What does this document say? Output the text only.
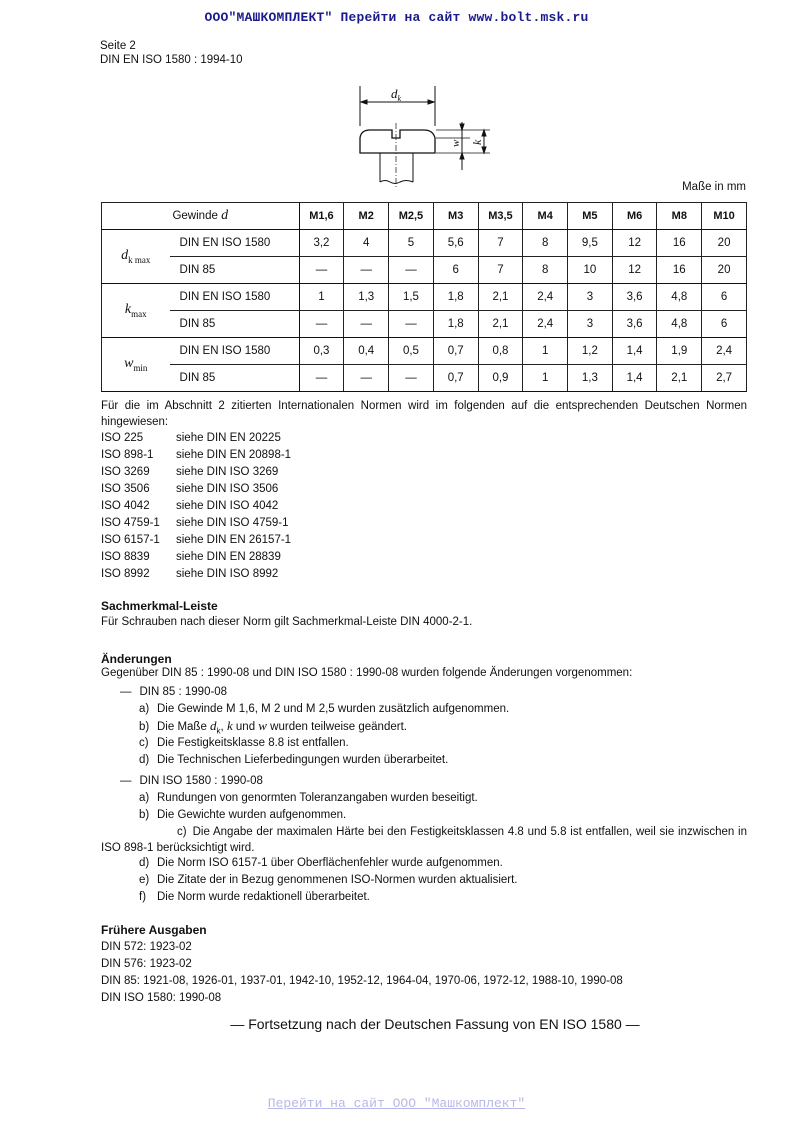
ООО"МАШКОМПЛЕКТ" Перейти на сайт www.bolt.msk.ru
Seite 2
DIN EN ISO 1580 : 1994-10
$d_k$
w k
Maße in mm
Gewinde d		M1,6	M2	M2,5	M3	M3,5	M4	M5	M6	M8	M10
$d_{k max}$	DIN EN ISO 1580	3,2	4	5	5,6	7	8	9,5	12	16	20
	DIN 85	—	—	—	6	7	8	10	12	16	20
$k_{max}$	DIN EN ISO 1580	1	1,3	1,5	1,8	2,1	2,4	3	3,6	4,8	6
	DIN 85	—	—	—	1,8	2,1	2,4	3	3,6	4,8	6
$w_{min}$	DIN EN ISO 1580	0,3	0,4	0,5	0,7	0,8	1	1,2	1,4	1,9	2,4
	DIN 85	—	—	—	0,7	0,9	1	1,3	1,4	2,1	2,7
Für die im Abschnitt 2 zitierten Internationalen Normen wird im folgenden auf die entsprechenden Deutschen Normen hingewiesen:
ISO 225	siehe DIN EN 20225
ISO 898-1 siehe DIN EN 20898-1
ISO 3269 siehe DIN ISO 3269
ISO 3506 siehe DIN ISO 3506
ISO 4042 siehe DIN ISO 4042
ISO 4759-1 siehe DIN ISO 4759-1
ISO 6157-1 siehe DIN EN 26157-1
ISO 8839 siehe DIN EN 28839
ISO 8992 siehe DIN ISO 8992
Sachmerkmal-Leiste
Für Schrauben nach dieser Norm gilt Sachmerkmal-Leiste DIN 4000-2-1.
Änderungen
Gegenüber DIN 85 : 1990-08 und DIN ISO 1580 : 1990-08 wurden folgende Änderungen vorgenommen:
— DIN 85 : 1990-08
a) Die Gewinde M 1,6, M 2 und M 2,5 wurden zusätzlich aufgenommen.
b) Die Maße $d_k$, k und w wurden teilweise geändert.
c) Die Festigkeitsklasse 8.8 ist entfallen.
d) Die Technischen Lieferbedingungen wurden überarbeitet.
— DIN ISO 1580 : 1990-08
a) Rundungen von genormten Toleranzangaben wurden beseitigt.
b) Die Gewichte wurden aufgenommen.
c) Die Angabe der maximalen Härte bei den Festigkeitsklassen 4.8 und 5.8 ist entfallen, weil sie inzwischen in ISO 898-1 berücksichtigt wird.
d) Die Norm ISO 6157-1 über Oberflächenfehler wurde aufgenommen.
e) Die Zitate der in Bezug genommenen ISO-Normen wurden aktualisiert.
f) Die Norm wurde redaktionell überarbeitet.
Frühere Ausgaben
DIN 572: 1923-02
DIN 576: 1923-02
DIN 85: 1921-08, 1926-01, 1937-01, 1942-10, 1952-12, 1964-04, 1970-06, 1972-12, 1988-10, 1990-08
DIN ISO 1580: 1990-08
— Fortsetzung nach der Deutschen Fassung von EN ISO 1580 —
Перейти на сайт ООО "Машкомплект"
